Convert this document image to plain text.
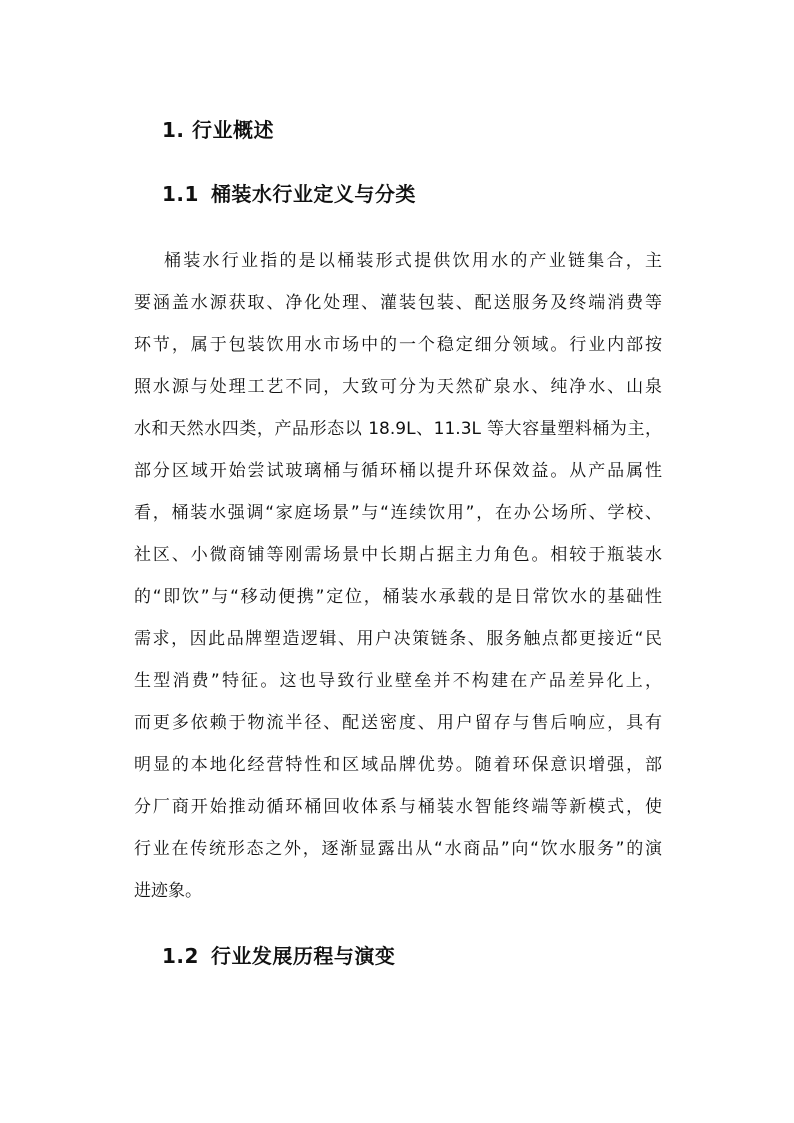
1. 行业概述
1.1 桶装水行业定义与分类
桶装水行业指的是以桶装形式提供饮用水的产业链集合，主
要涵盖水源获取、净化处理、灌装包装、配送服务及终端消费等
环节，属于包装饮用水市场中的一个稳定细分领域。行业内部按
照水源与处理工艺不同，大致可分为天然矿泉水、纯净水、山泉
水和天然水四类，产品形态以 18.9L、11.3L 等大容量塑料桶为主，
部分区域开始尝试玻璃桶与循环桶以提升环保效益。从产品属性
看，桶装水强调“家庭场景”与“连续饮用”，在办公场所、学校、
社区、小微商铺等刚需场景中长期占据主力角色。相较于瓶装水
的“即饮”与“移动便携”定位，桶装水承载的是日常饮水的基础性
需求，因此品牌塑造逻辑、用户决策链条、服务触点都更接近“民
生型消费”特征。这也导致行业壁垒并不构建在产品差异化上，
而更多依赖于物流半径、配送密度、用户留存与售后响应，具有
明显的本地化经营特性和区域品牌优势。随着环保意识增强，部
分厂商开始推动循环桶回收体系与桶装水智能终端等新模式，使
行业在传统形态之外，逐渐显露出从“水商品”向“饮水服务”的演
进迹象。
1.2 行业发展历程与演变
